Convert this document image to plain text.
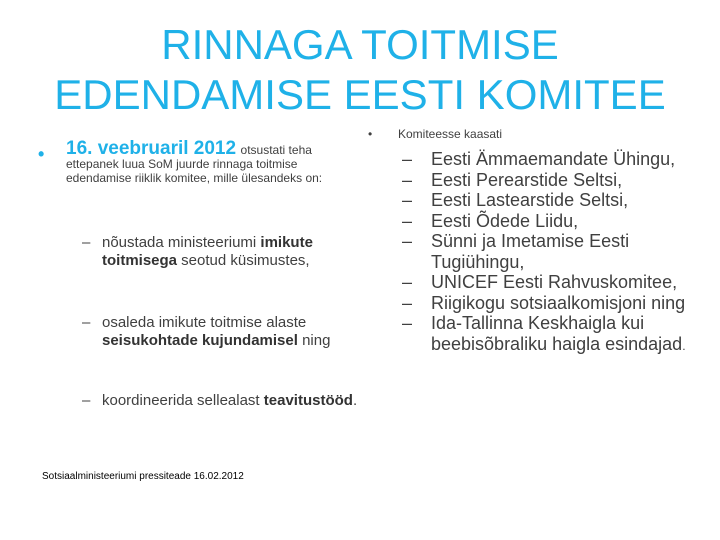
RINNAGA TOITMISE
EDENDAMISE EESTI KOMITEE
• 16. veebruaril 2012 otsustati teha ettepanek luua SoM juurde rinnaga toitmise edendamise riiklik komitee, mille ülesandeks on:
– nõustada ministeeriumi imikute toitmisega seotud küsimustes,
– osaleda imikute toitmise alaste seisukohtade kujundamisel ning
– koordineerida sellealast teavitustööd.
Sotsiaalministeeriumi pressiteade 16.02.2012
• Komiteesse kaasati
– Eesti Ämmaemandate Ühingu,
– Eesti Perearstide Seltsi,
– Eesti Lastearstide Seltsi,
– Eesti Õdede Liidu,
– Sünni ja Imetamise Eesti Tugiühingu,
– UNICEF Eesti Rahvuskomitee,
– Riigikogu sotsiaalkomisjoni ning
– Ida-Tallinna Keskhaigla kui beebisõbraliku haigla esindajad.
